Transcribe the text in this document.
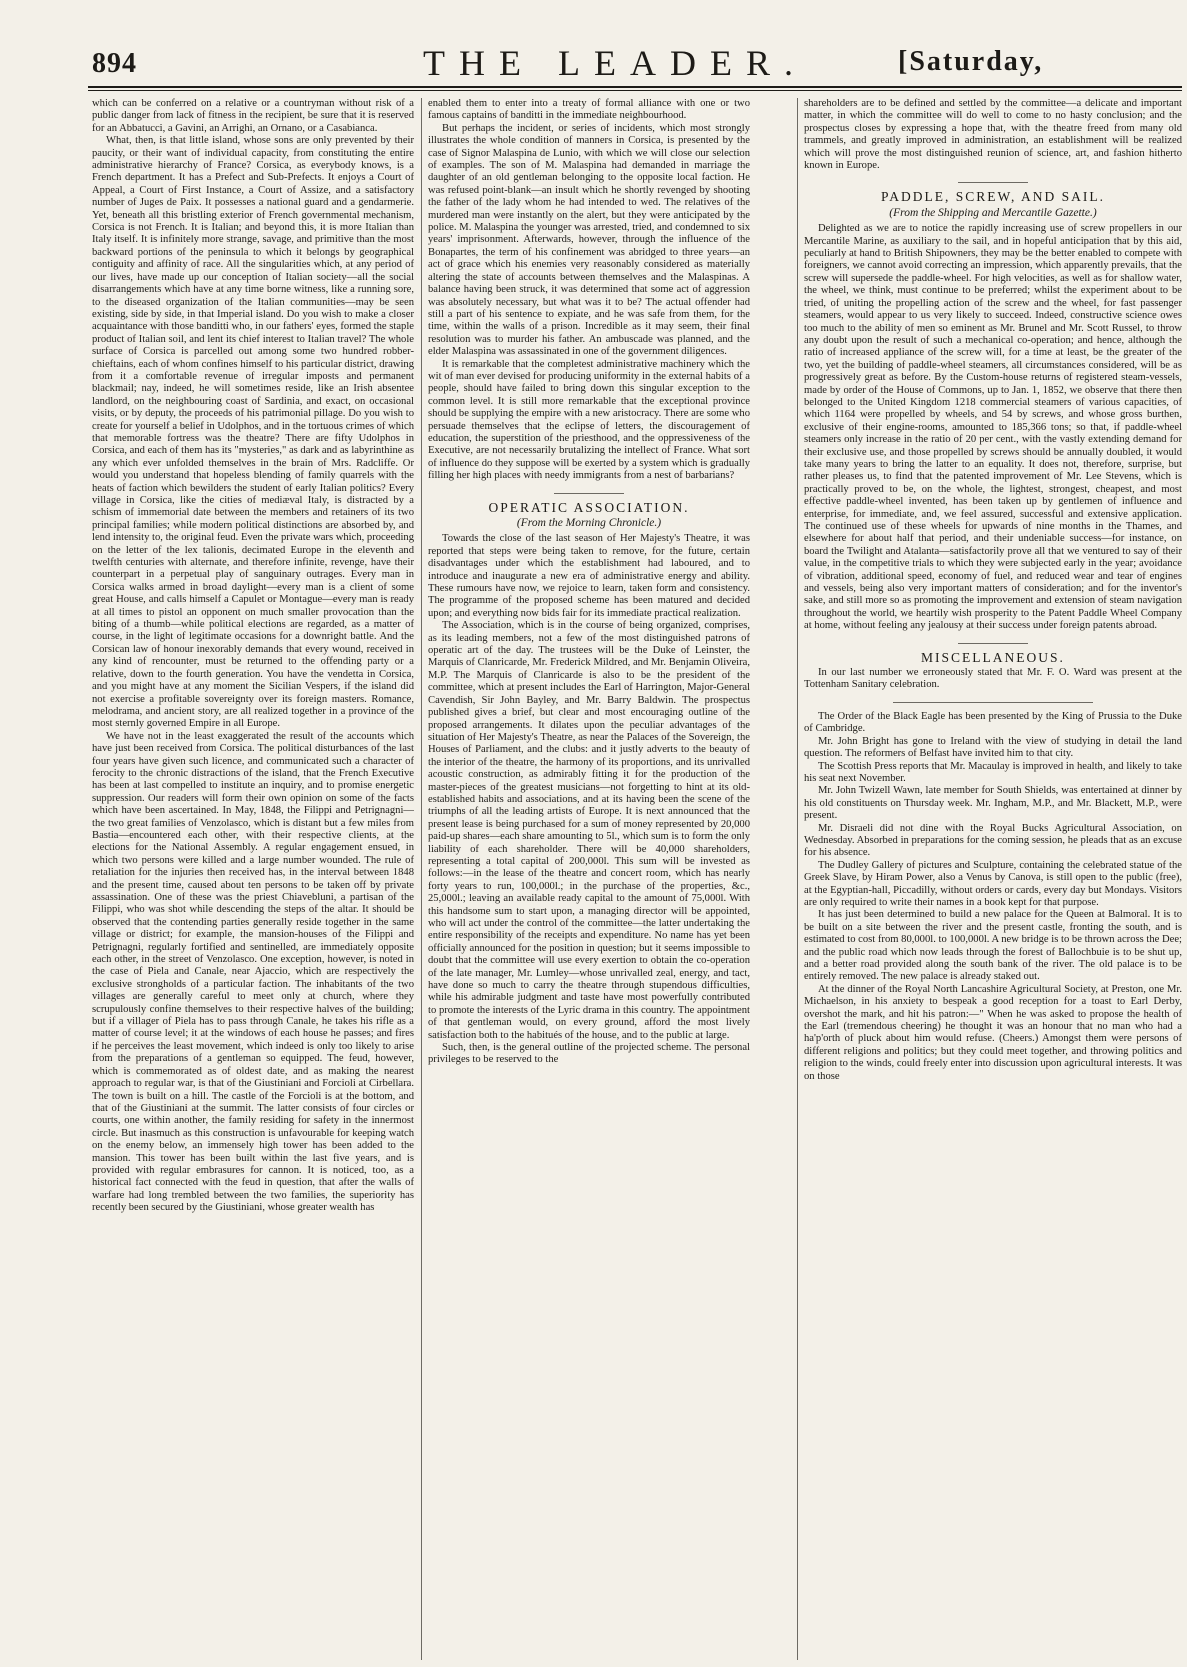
894	THE LEADER.	[Saturday,

which can be conferred on a relative or a countryman without risk of a public danger from lack of fitness in the recipient, be sure that it is reserved for an Abbatucci, a Gavini, an Arrighi, an Ornano, or a Casabianca.

What, then, is that little island, whose sons are only prevented by their paucity, or their want of individual capacity, from constituting the entire administrative hierarchy of France? Corsica, as everybody knows, is a French department. It has a Prefect and Sub-Prefects. It enjoys a Court of Appeal, a Court of First Instance, a Court of Assize, and a satisfactory number of Juges de Paix. It possesses a national guard and a gendarmerie. Yet, beneath all this bristling exterior of French governmental mechanism, Corsica is not French. It is Italian; and beyond this, it is more Italian than Italy itself. It is infinitely more strange, savage, and primitive than the most backward portions of the peninsula to which it belongs by geographical contiguity and affinity of race. All the singularities which, at any period of our lives, have made up our conception of Italian society—all the social disarrangements which have at any time borne witness, like a running sore, to the diseased organization of the Italian communities—may be seen existing, side by side, in that Imperial island. Do you wish to make a closer acquaintance with those banditti who, in our fathers' eyes, formed the staple product of Italian soil, and lent its chief interest to Italian travel? The whole surface of Corsica is parcelled out among some two hundred robber-chieftains, each of whom confines himself to his particular district, drawing from it a comfortable revenue of irregular imposts and permanent blackmail; nay, indeed, he will sometimes reside, like an Irish absentee landlord, on the neighbouring coast of Sardinia, and exact, on occasional visits, or by deputy, the proceeds of his patrimonial pillage. Do you wish to create for yourself a belief in Udolphos, and in the tortuous crimes of which that memorable fortress was the theatre? There are fifty Udolphos in Corsica, and each of them has its "mysteries," as dark and as labyrinthine as any which ever unfolded themselves in the brain of Mrs. Radcliffe. Or would you understand that hopeless blending of family quarrels with the heats of faction which bewilders the student of early Italian politics? Every village in Corsica, like the cities of mediæval Italy, is distracted by a schism of immemorial date between the members and retainers of its two principal families; while modern political distinctions are absorbed by, and lend intensity to, the original feud. Even the private wars which, proceeding on the letter of the lex talionis, decimated Europe in the eleventh and twelfth centuries with alternate, and therefore infinite, revenge, have their counterpart in a perpetual play of sanguinary outrages. Every man in Corsica walks armed in broad daylight—every man is a client of some great House, and calls himself a Capulet or Montague—every man is ready at all times to pistol an opponent on much smaller provocation than the biting of a thumb—while political elections are regarded, as a matter of course, in the light of legitimate occasions for a downright battle. And the Corsican law of honour inexorably demands that every wound, received in any kind of rencounter, must be returned to the offending party or a relative, down to the fourth generation. You have the vendetta in Corsica, and you might have at any moment the Sicilian Vespers, if the island did not exercise a profitable sovereignty over its foreign masters. Romance, melodrama, and ancient story, are all realized together in a province of the most sternly governed Empire in all Europe.

We have not in the least exaggerated the result of the accounts which have just been received from Corsica. The political disturbances of the last four years have given such licence, and communicated such a character of ferocity to the chronic distractions of the island, that the French Executive has been at last compelled to institute an inquiry, and to promise energetic suppression. Our readers will form their own opinion on some of the facts which have been ascertained. In May, 1848, the Filippi and Petrignagni—the two great families of Venzolasco, which is distant but a few miles from Bastia—encountered each other, with their respective clients, at the elections for the National Assembly. A regular engagement ensued, in which two persons were killed and a large number wounded. The rule of retaliation for the injuries then received has, in the interval between 1848 and the present time, caused about ten persons to be taken off by private assassination. One of these was the priest Chiavebluni, a partisan of the Filippi, who was shot while descending the steps of the altar. It should be observed that the contending parties generally reside together in the same village or district; for example, the mansion-houses of the Filippi and Petrignagni, regularly fortified and sentinelled, are immediately opposite each other, in the street of Venzolasco. One exception, however, is noted in the case of Piela and Canale, near Ajaccio, which are respectively the exclusive strongholds of a particular faction. The inhabitants of the two villages are generally careful to meet only at church, where they scrupulously confine themselves to their respective halves of the building; but if a villager of Piela has to pass through Canale, he takes his rifle as a matter of course level; it at the windows of each house he passes; and fires if he perceives the least movement, which indeed is only too likely to arise from the preparations of a gentleman so equipped. The feud, however, which is commemorated as of oldest date, and as making the nearest approach to regular war, is that of the Giustiniani and Forcioli at Cirbellara. The town is built on a hill. The castle of the Forcioli is at the bottom, and that of the Giustiniani at the summit. The latter consists of four circles or courts, one within another, the family residing for safety in the innermost circle. But inasmuch as this construction is unfavourable for keeping watch on the enemy below, an immensely high tower has been added to the mansion. This tower has been built within the last five years, and is provided with regular embrasures for cannon. It is noticed, too, as a historical fact connected with the feud in question, that after the walls of warfare had long trembled between the two families, the superiority has recently been secured by the Giustiniani, whose greater wealth has

enabled them to enter into a treaty of formal alliance with one or two famous captains of banditti in the immediate neighbourhood.

But perhaps the incident, or series of incidents, which most strongly illustrates the whole condition of manners in Corsica, is presented by the case of Signor Malaspina de Lunio, with which we will close our selection of examples. The son of M. Malaspina had demanded in marriage the daughter of an old gentleman belonging to the opposite local faction. He was refused point-blank—an insult which he shortly revenged by shooting the father of the lady whom he had intended to wed. The relatives of the murdered man were instantly on the alert, but they were anticipated by the police. M. Malaspina the younger was arrested, tried, and condemned to six years' imprisonment. Afterwards, however, through the influence of the Bonapartes, the term of his confinement was abridged to three years—an act of grace which his enemies very reasonably considered as materially altering the state of accounts between themselves and the Malaspinas. A balance having been struck, it was determined that some act of aggression was absolutely necessary, but what was it to be? The actual offender had still a part of his sentence to expiate, and he was safe from them, for the time, within the walls of a prison. Incredible as it may seem, their final resolution was to murder his father. An ambuscade was planned, and the elder Malaspina was assassinated in one of the government diligences.

It is remarkable that the completest administrative machinery which the wit of man ever devised for producing uniformity in the external habits of a people, should have failed to bring down this singular exception to the common level. It is still more remarkable that the exceptional province should be supplying the empire with a new aristocracy. There are some who persuade themselves that the eclipse of letters, the discouragement of education, the superstition of the priesthood, and the oppressiveness of the Executive, are not necessarily brutalizing the intellect of France. What sort of influence do they suppose will be exerted by a system which is gradually filling her high places with needy immigrants from a nest of barbarians?

OPERATIC ASSOCIATION.
(From the Morning Chronicle.)

Towards the close of the last season of Her Majesty's Theatre, it was reported that steps were being taken to remove, for the future, certain disadvantages under which the establishment had laboured, and to introduce and inaugurate a new era of administrative energy and ability. These rumours have now, we rejoice to learn, taken form and consistency. The programme of the proposed scheme has been matured and decided upon; and everything now bids fair for its immediate practical realization.

The Association, which is in the course of being organized, comprises, as its leading members, not a few of the most distinguished patrons of operatic art of the day. The trustees will be the Duke of Leinster, the Marquis of Clanricarde, Mr. Frederick Mildred, and Mr. Benjamin Oliveira, M.P. The Marquis of Clanricarde is also to be the president of the committee, which at present includes the Earl of Harrington, Major-General Cavendish, Sir John Bayley, and Mr. Barry Baldwin. The prospectus published gives a brief, but clear and most encouraging outline of the proposed arrangements. It dilates upon the peculiar advantages of the situation of Her Majesty's Theatre, as near the Palaces of the Sovereign, the Houses of Parliament, and the clubs: and it justly adverts to the beauty of the interior of the theatre, the harmony of its proportions, and its unrivalled acoustic construction, as admirably fitting it for the production of the master-pieces of the greatest musicians—not forgetting to hint at its old-established habits and associations, and at its having been the scene of the triumphs of all the leading artists of Europe. It is next announced that the present lease is being purchased for a sum of money represented by 20,000 paid-up shares—each share amounting to 5l., which sum is to form the only liability of each shareholder. There will be 40,000 shareholders, representing a total capital of 200,000l. This sum will be invested as follows:—in the lease of the theatre and concert room, which has nearly forty years to run, 100,000l.; in the purchase of the properties, &c., 25,000l.; leaving an available ready capital to the amount of 75,000l. With this handsome sum to start upon, a managing director will be appointed, who will act under the control of the committee—the latter undertaking the entire responsibility of the receipts and expenditure. No name has yet been officially announced for the position in question; but it seems impossible to doubt that the committee will use every exertion to obtain the co-operation of the late manager, Mr. Lumley—whose unrivalled zeal, energy, and tact, have done so much to carry the theatre through stupendous difficulties, while his admirable judgment and taste have most powerfully contributed to promote the interests of the Lyric drama in this country. The appointment of that gentleman would, on every ground, afford the most lively satisfaction both to the habitués of the house, and to the public at large.

Such, then, is the general outline of the projected scheme. The personal privileges to be reserved to the

shareholders are to be defined and settled by the committee—a delicate and important matter, in which the committee will do well to come to no hasty conclusion; and the prospectus closes by expressing a hope that, with the theatre freed from many old trammels, and greatly improved in administration, an establishment will be realized which will prove the most distinguished reunion of science, art, and fashion hitherto known in Europe.

PADDLE, SCREW, AND SAIL.
(From the Shipping and Mercantile Gazette.)

Delighted as we are to notice the rapidly increasing use of screw propellers in our Mercantile Marine, as auxiliary to the sail, and in hopeful anticipation that by this aid, peculiarly at hand to British Shipowners, they may be the better enabled to compete with foreigners, we cannot avoid correcting an impression, which apparently prevails, that the screw will supersede the paddle-wheel. For high velocities, as well as for shallow water, the wheel, we think, must continue to be preferred; whilst the experiment about to be tried, of uniting the propelling action of the screw and the wheel, for fast passenger steamers, would appear to us very likely to succeed. Indeed, constructive science owes too much to the ability of men so eminent as Mr. Brunel and Mr. Scott Russel, to throw any doubt upon the result of such a mechanical co-operation; and hence, although the ratio of increased appliance of the screw will, for a time at least, be the greater of the two, yet the building of paddle-wheel steamers, all circumstances considered, will be as progressively great as before. By the Custom-house returns of registered steam-vessels, made by order of the House of Commons, up to Jan. 1, 1852, we observe that there then belonged to the United Kingdom 1218 commercial steamers of various capacities, of which 1164 were propelled by wheels, and 54 by screws, and whose gross burthen, exclusive of their engine-rooms, amounted to 185,366 tons; so that, if paddle-wheel steamers only increase in the ratio of 20 per cent., with the vastly extending demand for their exclusive use, and those propelled by screws should be annually doubled, it would take many years to bring the latter to an equality. It does not, therefore, surprise, but rather pleases us, to find that the patented improvement of Mr. Lee Stevens, which is practically proved to be, on the whole, the lightest, strongest, cheapest, and most effective paddle-wheel invented, has been taken up by gentlemen of influence and enterprise, for immediate, and, we feel assured, successful and extensive application. The continued use of these wheels for upwards of nine months in the Thames, and elsewhere for about half that period, and their undeniable success—for instance, on board the Twilight and Atalanta—satisfactorily prove all that we ventured to say of their value, in the competitive trials to which they were subjected early in the year; avoidance of vibration, additional speed, economy of fuel, and reduced wear and tear of engines and vessels, being also very important matters of consideration; and for the inventor's sake, and still more so as promoting the improvement and extension of steam navigation throughout the world, we heartily wish prosperity to the Patent Paddle Wheel Company at home, without feeling any jealousy at their success under foreign patents abroad.

MISCELLANEOUS.

In our last number we erroneously stated that Mr. F. O. Ward was present at the Tottenham Sanitary celebration.

The Order of the Black Eagle has been presented by the King of Prussia to the Duke of Cambridge.

Mr. John Bright has gone to Ireland with the view of studying in detail the land question. The reformers of Belfast have invited him to that city.

The Scottish Press reports that Mr. Macaulay is improved in health, and likely to take his seat next November.

Mr. John Twizell Wawn, late member for South Shields, was entertained at dinner by his old constituents on Thursday week. Mr. Ingham, M.P., and Mr. Blackett, M.P., were present.

Mr. Disraeli did not dine with the Royal Bucks Agricultural Association, on Wednesday. Absorbed in preparations for the coming session, he pleads that as an excuse for his absence.

The Dudley Gallery of pictures and Sculpture, containing the celebrated statue of the Greek Slave, by Hiram Power, also a Venus by Canova, is still open to the public (free), at the Egyptian-hall, Piccadilly, without orders or cards, every day but Mondays. Visitors are only required to write their names in a book kept for that purpose.

It has just been determined to build a new palace for the Queen at Balmoral. It is to be built on a site between the river and the present castle, fronting the south, and is estimated to cost from 80,000l. to 100,000l. A new bridge is to be thrown across the Dee; and the public road which now leads through the forest of Ballochbuie is to be shut up, and a better road provided along the south bank of the river. The old palace is to be entirely removed. The new palace is already staked out.

At the dinner of the Royal North Lancashire Agricultural Society, at Preston, one Mr. Michaelson, in his anxiety to bespeak a good reception for a toast to Earl Derby, overshot the mark, and hit his patron:—" When he was asked to propose the health of the Earl (tremendous cheering) he thought it was an honour that no man who had a ha'p'orth of pluck about him would refuse. (Cheers.) Amongst them were persons of different religions and politics; but they could meet together, and throwing politics and religion to the winds, could freely enter into discussion upon agricultural interests. It was on those
